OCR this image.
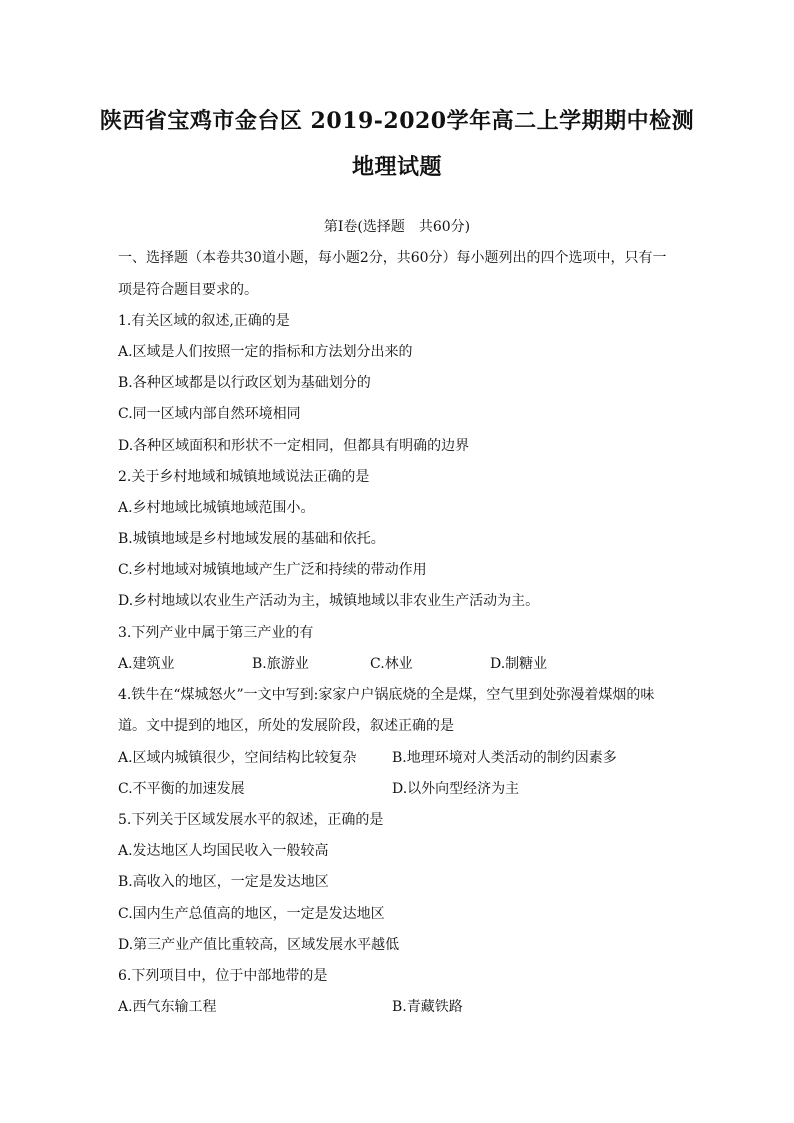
陕西省宝鸡市金台区 2019-2020学年高二上学期期中检测
地理试题
第Ⅰ卷(选择题　共60分)
一、选择题（本卷共30道小题，每小题2分，共60分）每小题列出的四个选项中，只有一
项是符合题目要求的。
1.有关区域的叙述,正确的是
A.区域是人们按照一定的指标和方法划分出来的
B.各种区域都是以行政区划为基础划分的
C.同一区域内部自然环境相同
D.各种区域面积和形状不一定相同，但都具有明确的边界
2.关于乡村地域和城镇地域说法正确的是
A.乡村地域比城镇地域范围小。
B.城镇地域是乡村地域发展的基础和依托。
C.乡村地域对城镇地域产生广泛和持续的带动作用
D.乡村地域以农业生产活动为主，城镇地域以非农业生产活动为主。
3.下列产业中属于第三产业的有
A.建筑业	B.旅游业	C.林业	D.制糖业
4.铁牛在“煤城怒火”一文中写到:家家户户锅底烧的全是煤，空气里到处弥漫着煤烟的味
道。文中提到的地区，所处的发展阶段，叙述正确的是
A.区域内城镇很少，空间结构比较复杂	B.地理环境对人类活动的制约因素多
C.不平衡的加速发展	D.以外向型经济为主
5.下列关于区域发展水平的叙述，正确的是
A.发达地区人均国民收入一般较高
B.高收入的地区，一定是发达地区
C.国内生产总值高的地区，一定是发达地区
D.第三产业产值比重较高，区域发展水平越低
6.下列项目中，位于中部地带的是
A.西气东输工程	B.青藏铁路
